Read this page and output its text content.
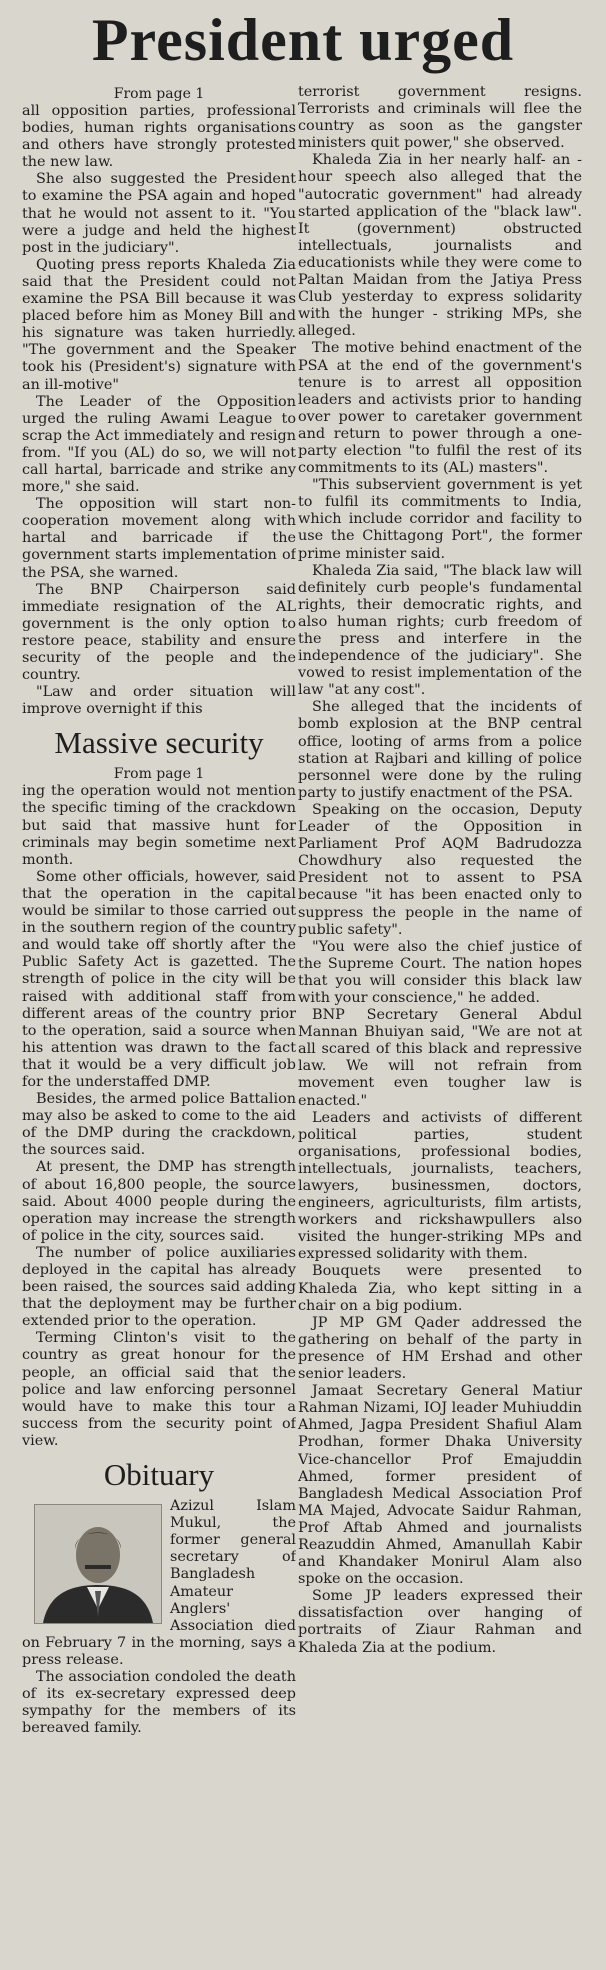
President urged
From page 1

all opposition parties, professional bodies, human rights organisations and others have strongly protested the new law.

She also suggested the President to examine the PSA again and hoped that he would not assent to it. "You were a judge and held the highest post in the judiciary".

Quoting press reports Khaleda Zia said that the President could not examine the PSA Bill because it was placed before him as Money Bill and his signature was taken hurriedly. "The government and the Speaker took his (President's) signature with an ill-motive"

The Leader of the Opposition urged the ruling Awami League to scrap the Act immediately and resign from. "If you (AL) do so, we will not call hartal, barricade and strike any more," she said.

The opposition will start non-cooperation movement along with hartal and barricade if the government starts implementation of the PSA, she warned.

The BNP Chairperson said immediate resignation of the AL government is the only option to restore peace, stability and ensure security of the people and the country.

"Law and order situation will improve overnight if this

Massive security
From page 1

ing the operation would not mention the specific timing of the crackdown but said that massive hunt for criminals may begin sometime next month.

Some other officials, however, said that the operation in the capital would be similar to those carried out in the southern region of the country and would take off shortly after the Public Safety Act is gazetted. The strength of police in the city will be raised with additional staff from different areas of the country prior to the operation, said a source when his attention was drawn to the fact that it would be a very difficult job for the understaffed DMP.

Besides, the armed police Battalion may also be asked to come to the aid of the DMP during the crackdown, the sources said.

At present, the DMP has strength of about 16,800 people, the source said. About 4000 people during the operation may increase the strength of police in the city, sources said.

The number of police auxiliaries deployed in the capital has already been raised, the sources said adding that the deployment may be further extended prior to the operation.

Terming Clinton's visit to the country as great honour for the people, an official said that the police and law enforcing personnel would have to make this tour a success from the security point of view.

Obituary

Azizul Islam Mukul, the former general secretary of Bangladesh Amateur Anglers' Association died on February 7 in the morning, says a press release.

The association condoled the death of its ex-secretary expressed deep sympathy for the members of its bereaved family.

terrorist government resigns. Terrorists and criminals will flee the country as soon as the gangster ministers quit power," she observed.

Khaleda Zia in her nearly half- an -hour speech also alleged that the "autocratic government" had already started application of the "black law". It (government) obstructed intellectuals, journalists and educationists while they were come to Paltan Maidan from the Jatiya Press Club yesterday to express solidarity with the hunger - striking MPs, she alleged.

The motive behind enactment of the PSA at the end of the government's tenure is to arrest all opposition leaders and activists prior to handing over power to caretaker government and return to power through a one-party election "to fulfil the rest of its commitments to its (AL) masters".

"This subservient government is yet to fulfil its commitments to India, which include corridor and facility to use the Chittagong Port", the former prime minister said.

Khaleda Zia said, "The black law will definitely curb people's fundamental rights, their democratic rights, and also human rights; curb freedom of the press and interfere in the independence of the judiciary". She vowed to resist implementation of the law "at any cost".

She alleged that the incidents of bomb explosion at the BNP central office, looting of arms from a police station at Rajbari and killing of police personnel were done by the ruling party to justify enactment of the PSA.

Speaking on the occasion, Deputy Leader of the Opposition in Parliament Prof AQM Badrudozza Chowdhury also requested the President not to assent to PSA because "it has been enacted only to suppress the people in the name of public safety".

"You were also the chief justice of the Supreme Court. The nation hopes that you will consider this black law with your conscience," he added.

BNP Secretary General Abdul Mannan Bhuiyan said, "We are not at all scared of this black and repressive law. We will not refrain from movement even tougher law is enacted."

Leaders and activists of different political parties, student organisations, professional bodies, intellectuals, journalists, teachers, lawyers, businessmen, doctors, engineers, agriculturists, film artists, workers and rickshawpullers also visited the hunger-striking MPs and expressed solidarity with them.

Bouquets were presented to Khaleda Zia, who kept sitting in a chair on a big podium.

JP MP GM Qader addressed the gathering on behalf of the party in presence of HM Ershad and other senior leaders.

Jamaat Secretary General Matiur Rahman Nizami, IOJ leader Muhiuddin Ahmed, Jagpa President Shafiul Alam Prodhan, former Dhaka University Vice-chancellor Prof Emajuddin Ahmed, former president of Bangladesh Medical Association Prof MA Majed, Advocate Saidur Rahman, Prof Aftab Ahmed and journalists Reazuddin Ahmed, Amanullah Kabir and Khandaker Monirul Alam also spoke on the occasion.

Some JP leaders expressed their dissatisfaction over hanging of portraits of Ziaur Rahman and Khaleda Zia at the podium.
